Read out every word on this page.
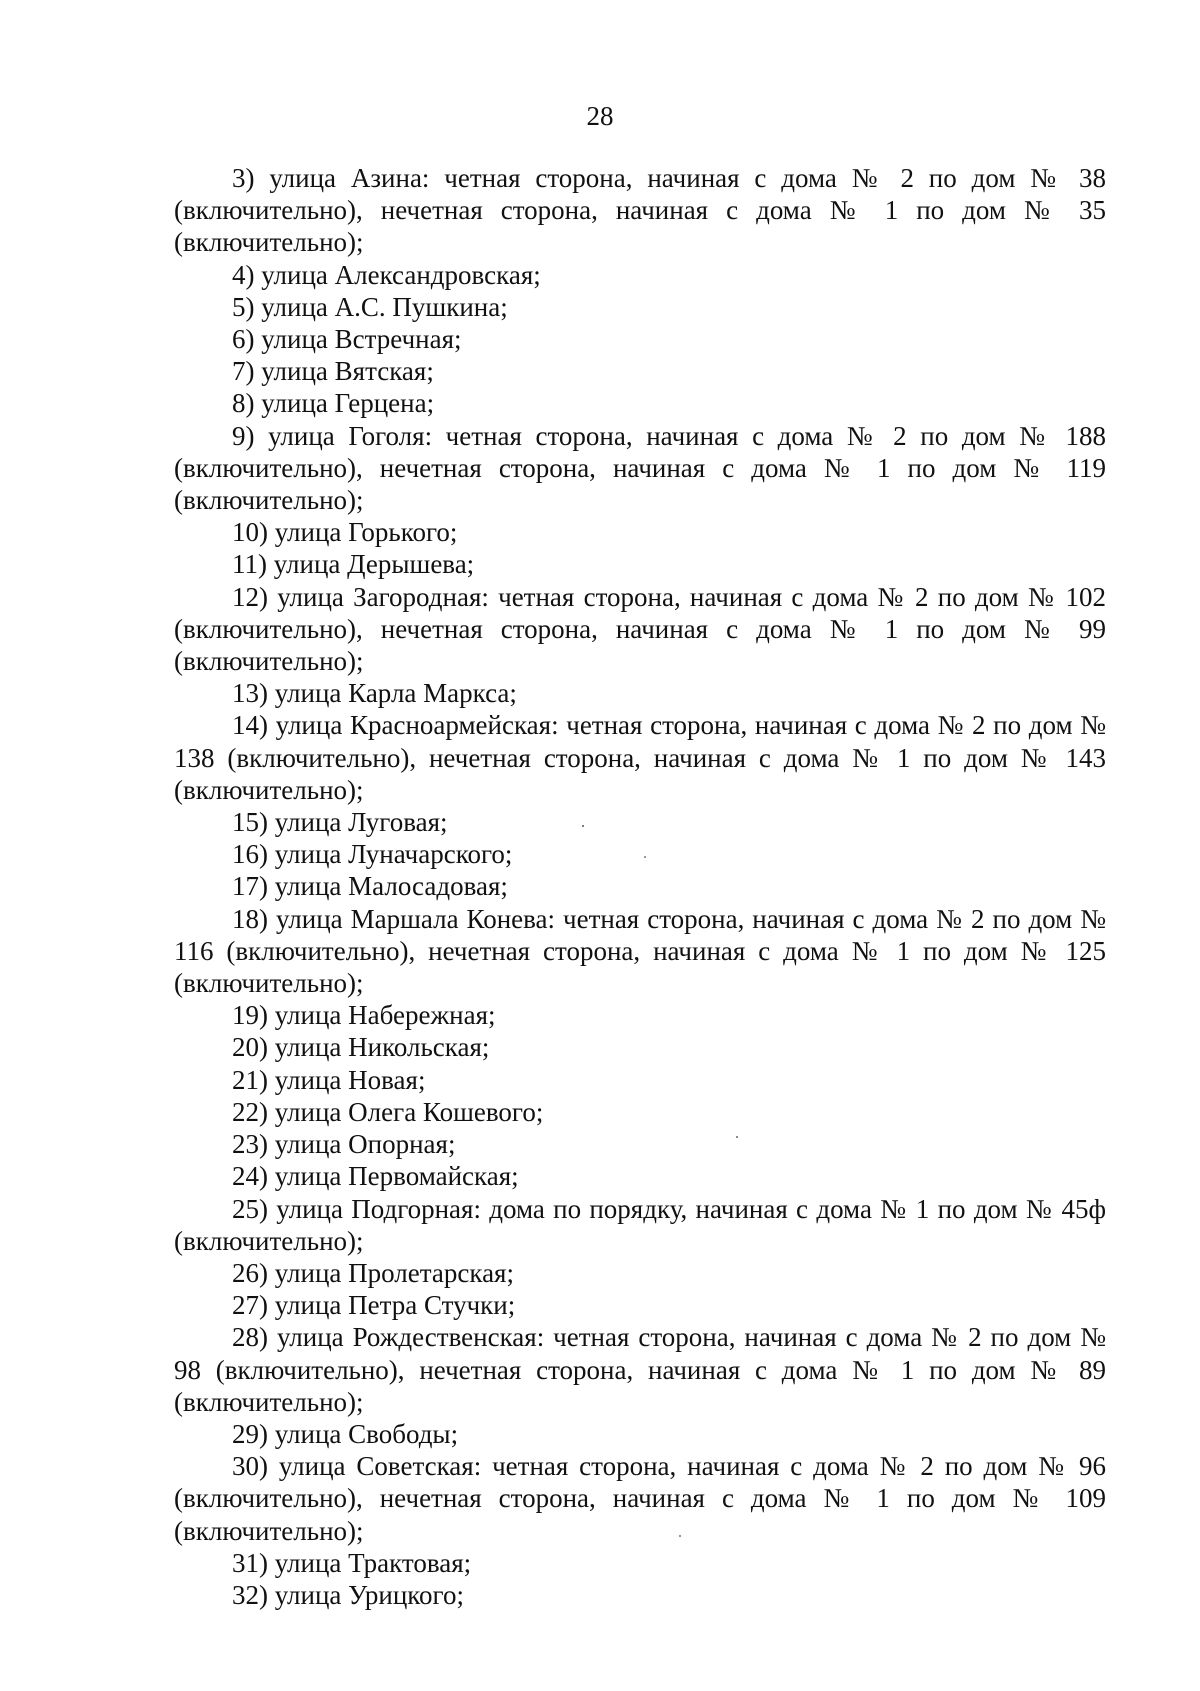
28

3) улица Азина: четная сторона, начиная с дома № 2 по дом № 38 (включительно), нечетная сторона, начиная с дома № 1 по дом № 35 (включительно);

4) улица Александровская;

5) улица А.С. Пушкина;

6) улица Встречная;

7) улица Вятская;

8) улица Герцена;

9) улица Гоголя: четная сторона, начиная с дома № 2 по дом № 188 (включительно), нечетная сторона, начиная с дома № 1 по дом № 119 (включительно);

10) улица Горького;

11) улица Дерышева;

12) улица Загородная: четная сторона, начиная с дома № 2 по дом № 102 (включительно), нечетная сторона, начиная с дома № 1 по дом № 99 (включительно);

13) улица Карла Маркса;

14) улица Красноармейская: четная сторона, начиная с дома № 2 по дом № 138 (включительно), нечетная сторона, начиная с дома № 1 по дом № 143 (включительно);

15) улица Луговая;

16) улица Луначарского;

17) улица Малосадовая;

18) улица Маршала Конева: четная сторона, начиная с дома № 2 по дом № 116 (включительно), нечетная сторона, начиная с дома № 1 по дом № 125 (включительно);

19) улица Набережная;

20) улица Никольская;

21) улица Новая;

22) улица Олега Кошевого;

23) улица Опорная;

24) улица Первомайская;

25) улица Подгорная: дома по порядку, начиная с дома № 1 по дом № 45ф (включительно);

26) улица Пролетарская;

27) улица Петра Стучки;

28) улица Рождественская: четная сторона, начиная с дома № 2 по дом № 98 (включительно), нечетная сторона, начиная с дома № 1 по дом № 89 (включительно);

29) улица Свободы;

30) улица Советская: четная сторона, начиная с дома № 2 по дом № 96 (включительно), нечетная сторона, начиная с дома № 1 по дом № 109 (включительно);

31) улица Трактовая;

32) улица Урицкого;
